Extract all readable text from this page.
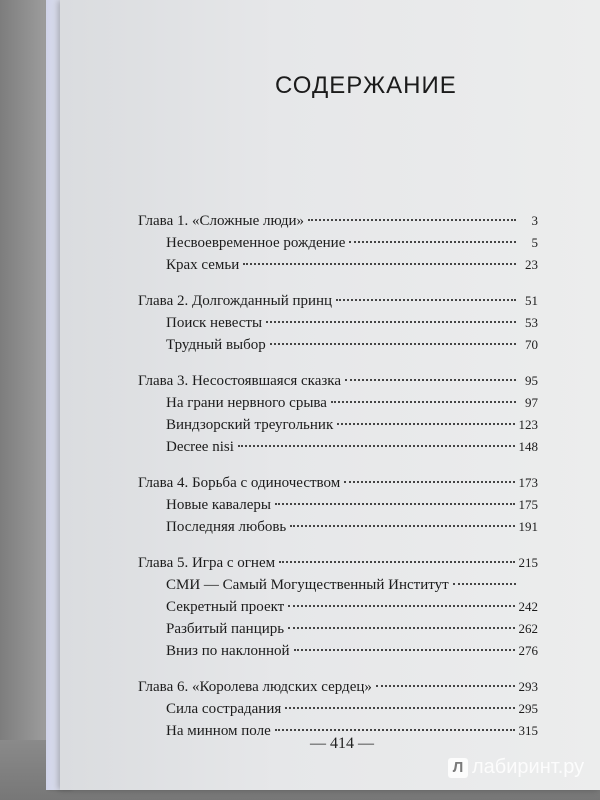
СОДЕРЖАНИЕ
Глава 1. «Сложные люди»	3
Несвоевременное рождение	5
Крах семьи	23
Глава 2. Долгожданный принц	51
Поиск невесты	53
Трудный выбор	70
Глава 3. Несостоявшаяся сказка	95
На грани нервного срыва	97
Виндзорский треугольник	123
Decree nisi	148
Глава 4. Борьба с одиночеством	173
Новые кавалеры	175
Последняя любовь	191
Глава 5. Игра с огнем	215
СМИ — Самый Могущественный Институт
Секретный проект	242
Разбитый панцирь	262
Вниз по наклонной	276
Глава 6. «Королева людских сердец»	293
Сила сострадания	295
На минном поле	315
— 414 —
Л лабиринт.ру
